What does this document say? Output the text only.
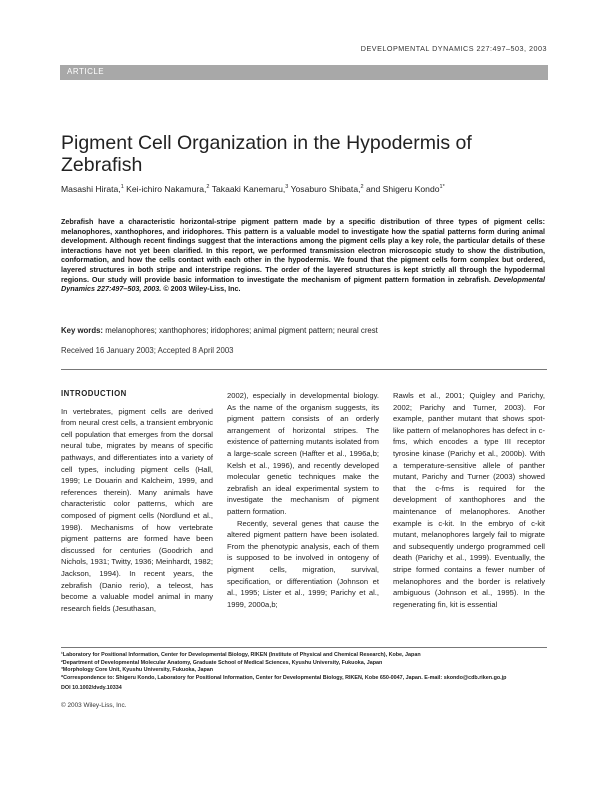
DEVELOPMENTAL DYNAMICS 227:497–503, 2003
ARTICLE
Pigment Cell Organization in the Hypodermis of Zebrafish
Masashi Hirata,$^1$ Kei-ichiro Nakamura,$^2$ Takaaki Kanemaru,$^3$ Yosaburo Shibata,$^2$ and Shigeru Kondo$^{1*}$

Zebrafish have a characteristic horizontal-stripe pigment pattern made by a specific distribution of three types of pigment cells: melanophores, xanthophores, and iridophores. This pattern is a valuable model to investigate how the spatial patterns form during animal development. Although recent findings suggest that the interactions among the pigment cells play a key role, the particular details of these interactions have not yet been clarified. In this report, we performed transmission electron microscopic study to show the distribution, conformation, and how the cells contact with each other in the hypodermis. We found that the pigment cells form complex but ordered, layered structures in both stripe and interstripe regions. The order of the layered structures is kept strictly all through the hypodermal regions. Our study will provide basic information to investigate the mechanism of pigment pattern formation in zebrafish. Developmental Dynamics 227:497–503, 2003. © 2003 Wiley-Liss, Inc.

Key words: melanophores; xanthophores; iridophores; animal pigment pattern; neural crest
Received 16 January 2003; Accepted 8 April 2003
INTRODUCTION

In vertebrates, pigment cells are derived from neural crest cells, a transient embryonic cell population that emerges from the dorsal neural tube, migrates by means of specific pathways, and differentiates into a variety of cell types, including pigment cells (Hall, 1999; Le Douarin and Kalcheim, 1999, and references therein). Many animals have characteristic color patterns, which are composed of pigment cells (Nordlund et al., 1998). Mechanisms of how vertebrate pigment patterns are formed have been discussed for centuries (Goodrich and Nichols, 1931; Twitty, 1936; Meinhardt, 1982; Jackson, 1994). In recent years, the zebrafish (Danio rerio), a teleost, has become a valuable model animal in many research fields (Jesuthasan,

2002), especially in developmental biology. As the name of the organism suggests, its pigment pattern consists of an orderly arrangement of horizontal stripes. The existence of patterning mutants isolated from a large-scale screen (Haffter et al., 1996a,b; Kelsh et al., 1996), and recently developed molecular genetic techniques make the zebrafish an ideal experimental system to investigate the mechanism of pigment pattern formation.

Recently, several genes that cause the altered pigment pattern have been isolated. From the phenotypic analysis, each of them is supposed to be involved in ontogeny of pigment cells, migration, survival, specification, or differentiation (Johnson et al., 1995; Lister et al., 1999; Parichy et al., 1999, 2000a,b;

Rawls et al., 2001; Quigley and Parichy, 2002; Parichy and Turner, 2003). For example, panther mutant that shows spot-like pattern of melanophores has defect in c-fms, which encodes a type III receptor tyrosine kinase (Parichy et al., 2000b). With a temperature-sensitive allele of panther mutant, Parichy and Turner (2003) showed that the c-fms is required for the development of xanthophores and the maintenance of melanophores. Another example is c-kit. In the embryo of c-kit mutant, melanophores largely fail to migrate and subsequently undergo programmed cell death (Parichy et al., 1999). Eventually, the stripe formed contains a fewer number of melanophores and the border is relatively ambiguous (Johnson et al., 1995). In the regenerating fin, kit is essential

¹Laboratory for Positional Information, Center for Developmental Biology, RIKEN (Institute of Physical and Chemical Research), Kobe, Japan

²Department of Developmental Molecular Anatomy, Graduate School of Medical Sciences, Kyushu University, Fukuoka, Japan

³Morphology Core Unit, Kyushu University, Fukuoka, Japan

*Correspondence to: Shigeru Kondo, Laboratory for Positional Information, Center for Developmental Biology, RIKEN, Kobe 650-0047, Japan. E-mail: skondo@cdb.riken.go.jp

DOI 10.1002/dvdy.10334

© 2003 Wiley-Liss, Inc.
